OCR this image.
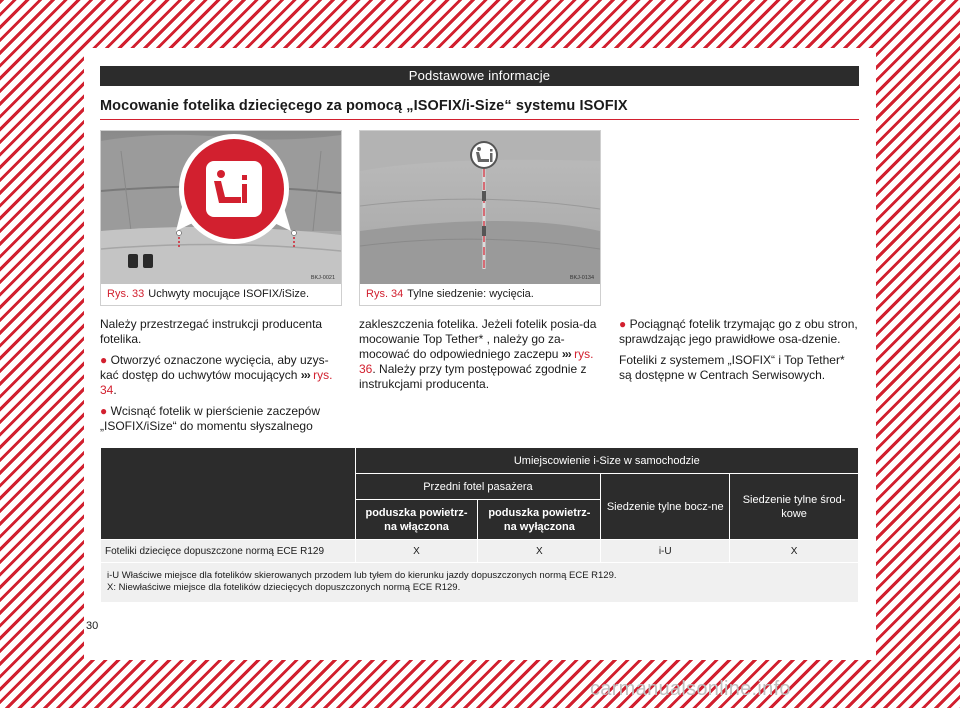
Podstawowe informacje
Mocowanie fotelika dziecięcego za pomocą „ISOFIX/i-Size“ systemu ISOFIX
BKJ-0021
Rys. 33 Uchwyty mocujące ISOFIX/iSize.
BKJ-0134
Rys. 34 Tylne siedzenie: wycięcia.

Należy przestrzegać instrukcji producenta fotelika.

● Otworzyć oznaczone wycięcia, aby uzys-kać dostęp do uchwytów mocujących ››› rys. 34.

● Wcisnąć fotelik w pierścienie zaczepów „ISOFIX/iSize“ do momentu słyszalnego

zakleszczenia fotelika. Jeżeli fotelik posia-da mocowanie Top Tether* , należy go za-mocować do odpowiedniego zaczepu ››› rys. 36. Należy przy tym postępować zgodnie z instrukcjami producenta.

● Pociągnąć fotelik trzymając go z obu stron, sprawdzając jego prawidłowe osa-dzenie.

Foteliki z systemem „ISOFIX“ i Top Tether* są dostępne w Centrach Serwisowych.

	Umiejscowienie i-Size w samochodzie			
	Przedni fotel pasażera		Siedzenie tylne bocz-ne	Siedzenie tylne środ-kowe
	poduszka powietrz-na włączona	poduszka powietrz-na wyłączona		
Foteliki dziecięce dopuszczone normą ECE R129	X	X	i-U	X

i-U Właściwe miejsce dla fotelików skierowanych przodem lub tyłem do kierunku jazdy dopuszczonych normą ECE R129.
X: Niewłaściwe miejsce dla fotelików dziecięcych dopuszczonych normą ECE R129.				
30
carmanualsonline.info
